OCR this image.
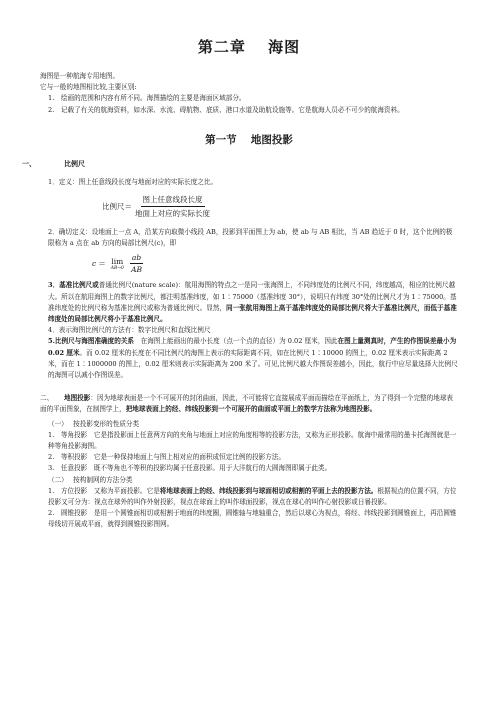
第二章　 海图

海图是一种航海专用地图。

它与一般的地图相比较,主要区别:

1.　 绘画的范围和内容有所不同。海图描绘的主要是海面区域部分。

2.　 记载了有关的航海资料，如水深、水流、碍航物、底质、港口水道及助航设施等。它是航海人员必不可少的航海资料。

第一节　 地图投影
一、	比例尺

1．定义：图上任意线段长度与地面对应的实际长度之比。

比例尺＝ $\frac{\text{图上任意线段长度}}{\text{地面上对应的实际长度}}$

2．确切定义：设地面上一点 A，沿某方向取微小线段 AB，投影到平面图上为 ab，使 ab 与 AB 相比，当 AB 趋近于 0 时，这个比例的极限称为 a 点在 ab 方向的局部比例尺(c)，即

c ＝ lim
$AB\to 0 \frac{ab}{AB}$

3．基准比例尺或普通比例尺(nature scale)：航用海图的特点之一是同一张海图上，不同纬度处的比例尺不同，纬度越高，相应的比例尺越大。所以在航用海图上的数字比例尺，都注明基准纬度，如 1∶75000（基准纬度 30°），说明只有纬度 30°处的比例尺才为 1∶75000。基准纬度处的比例尺称为基准比例尺或称为普通比例尺。显然，同一张航用海图上高于基准纬度处的局部比例尺将大于基准比例尺，而低于基准纬度处的局部比例尺将小于基准比例尺。

4．表示海图比例尺的方法有：数字比例尺和直线比例尺

5.比例尺与海图准确度的关系　在海图上能画出的最小长度（点一个点的直径）为 0.02 厘米，因此在图上量测真时，产生的作图误差最小为 0.02 厘米。而 0.02 厘米的长度在不同比例尺的海图上表示的实际距离不同，如在比例尺 1∶10000 的图上，0.02 厘米表示实际距离 2 米，而在 1∶1000000 的图上，0.02 厘米则表示实际距离为 200 米了。可见,比例尺越大作图误差越小，因此，航行中应尽量选择大比例尺的海图可以减小作图误差。

二、 地图投影：因为地球表面是一个不可展开的封闭曲面，因此，不可能将它直接展成平面而描绘在平面纸上，为了得到一个完整的地球表面的平面图象，在制图学上，把地球表面上的经、纬线投影到一个可展开的曲面或平面上的数学方法称为地图投影。

（一）　 按投影变形的性质分类

1.　 等角投影　它是指投影面上任意两方向的夹角与地面上对应的角度相等的投影方法，又称为正形投影。航海中最常用的墨卡托海图就是一种等角投影海图。

2.　 等积投影　它是一种保持地面上与图上相对应的面积成恒定比例的投影方法。

3.　 任意投影　既不等角也不等积的投影均属于任意投影。用于大洋航行的大圆海图即属于此类。

（二）　 按构制网的方法分类

1.　 方位投影　又称为平面投影。它是将地球表面上的经、纬线投影到与球面相切或相割的平面上去的投影方法。根据视点的位置不同，方位投影又可分为：视点在球外的叫作外射投影，视点在球面上的叫作球面投影，视点在球心的叫作心射投影或日晷投影。

2.　 圆锥投影　是用一个圆锥面相切或相割于地面的纬度圈，圆锥轴与地轴重合，然后以球心为视点，将经、纬线投影到圆锥面上，再沿圆锥母线切开展成平面，就得到圆锥投影图网。
